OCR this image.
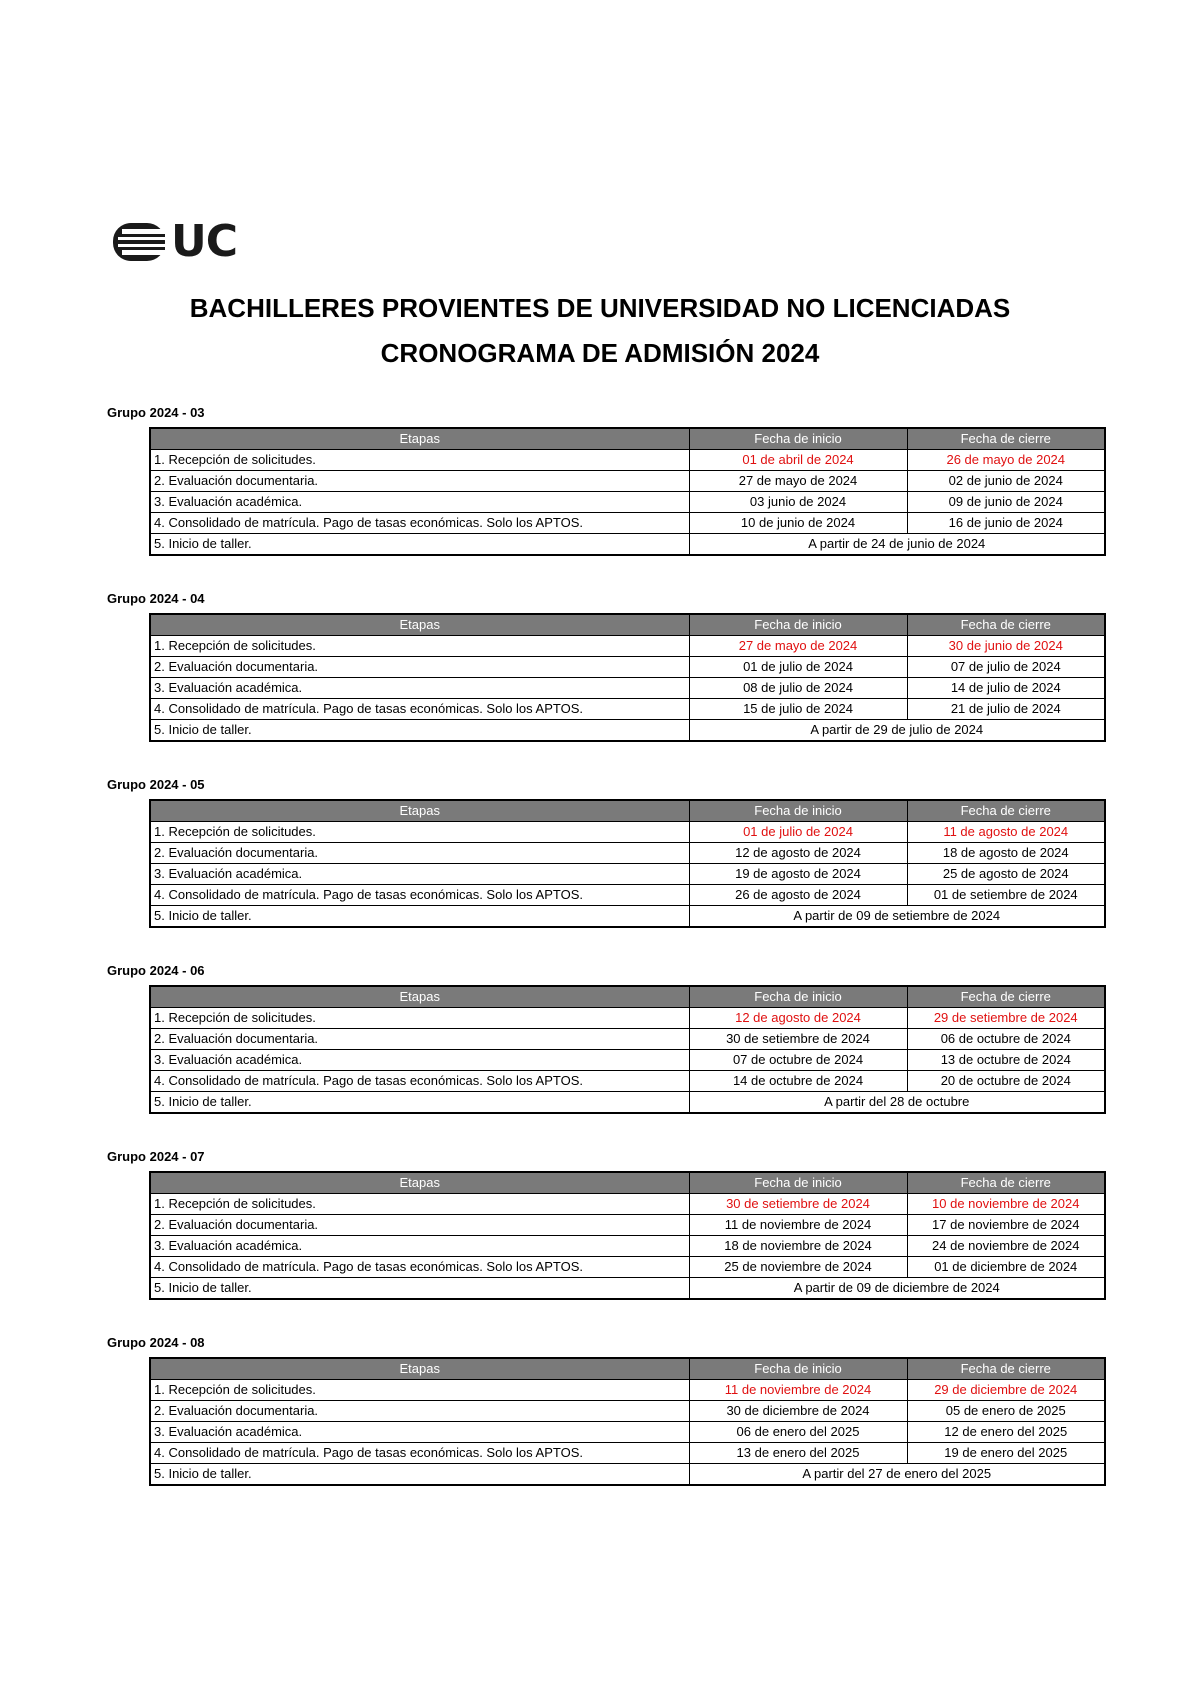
UC
BACHILLERES PROVIENTES DE UNIVERSIDAD NO LICENCIADAS
CRONOGRAMA DE ADMISIÓN 2024
Grupo 2024 - 03
Etapas	Fecha de inicio	Fecha de cierre
1. Recepción de solicitudes.	01 de abril de 2024	26 de mayo de 2024
2. Evaluación documentaria.	27 de mayo de 2024	02 de junio de 2024
3. Evaluación académica.	03 junio de 2024	09 de junio de 2024
4. Consolidado de matrícula. Pago de tasas económicas. Solo los APTOS.	10 de junio de 2024	16 de junio de 2024
5. Inicio de taller.	A partir de 24 de junio de 2024	
Grupo 2024 - 04
Etapas	Fecha de inicio	Fecha de cierre
1. Recepción de solicitudes.	27 de mayo de 2024	30 de junio de 2024
2. Evaluación documentaria.	01 de julio de 2024	07 de julio de 2024
3. Evaluación académica.	08 de julio de 2024	14 de julio de 2024
4. Consolidado de matrícula. Pago de tasas económicas. Solo los APTOS.	15 de julio de 2024	21 de julio de 2024
5. Inicio de taller.	A partir de 29 de julio de 2024	
Grupo 2024 - 05
Etapas	Fecha de inicio	Fecha de cierre
1. Recepción de solicitudes.	01 de julio de 2024	11 de agosto de 2024
2. Evaluación documentaria.	12 de agosto de 2024	18 de agosto de 2024
3. Evaluación académica.	19 de agosto de 2024	25 de agosto de 2024
4. Consolidado de matrícula. Pago de tasas económicas. Solo los APTOS.	26 de agosto de 2024	01 de setiembre de 2024
5. Inicio de taller.	A partir de 09 de setiembre de 2024	
Grupo 2024 - 06
Etapas	Fecha de inicio	Fecha de cierre
1. Recepción de solicitudes.	12 de agosto de 2024	29 de setiembre de 2024
2. Evaluación documentaria.	30 de setiembre de 2024	06 de octubre de 2024
3. Evaluación académica.	07 de octubre de 2024	13 de octubre de 2024
4. Consolidado de matrícula. Pago de tasas económicas. Solo los APTOS.	14 de octubre de 2024	20 de octubre de 2024
5. Inicio de taller.	A partir del 28 de octubre	
Grupo 2024 - 07
Etapas	Fecha de inicio	Fecha de cierre
1. Recepción de solicitudes.	30 de setiembre de 2024	10 de noviembre de 2024
2. Evaluación documentaria.	11 de noviembre de 2024	17 de noviembre de 2024
3. Evaluación académica.	18 de noviembre de 2024	24 de noviembre de 2024
4. Consolidado de matrícula. Pago de tasas económicas. Solo los APTOS.	25 de noviembre de 2024	01 de diciembre de 2024
5. Inicio de taller.	A partir de 09 de diciembre de 2024	
Grupo 2024 - 08
Etapas	Fecha de inicio	Fecha de cierre
1. Recepción de solicitudes.	11 de noviembre de 2024	29 de diciembre de 2024
2. Evaluación documentaria.	30 de diciembre de 2024	05 de enero de 2025
3. Evaluación académica.	06 de enero del 2025	12 de enero del 2025
4. Consolidado de matrícula. Pago de tasas económicas. Solo los APTOS.	13 de enero del 2025	19 de enero del 2025
5. Inicio de taller.	A partir del 27 de enero del 2025	
